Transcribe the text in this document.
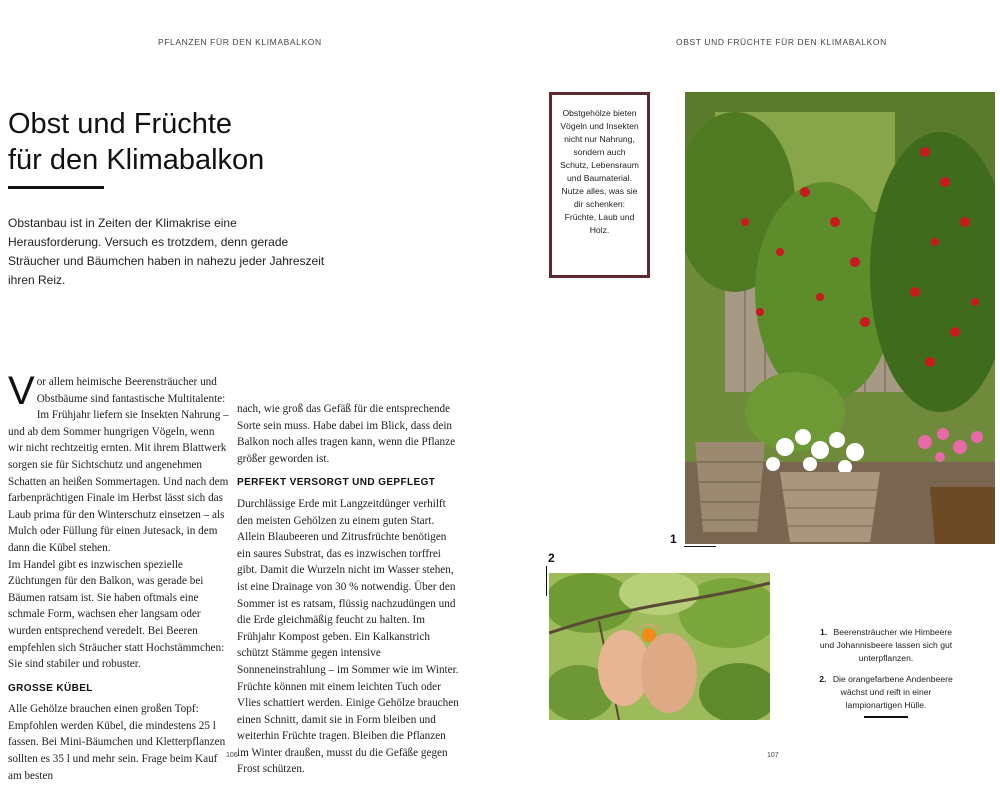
PFLANZEN FÜR DEN KLIMABALKON
Obst und Früchte
für den Klimabalkon
Obstanbau ist in Zeiten der Klimakrise eine Herausforderung. Versuch es trotzdem, denn gerade Sträucher und Bäumchen haben in nahezu jeder Jahreszeit ihren Reiz.

V or allem heimische Beerensträucher und Obstbäume sind fantastische Multitalente: Im Frühjahr liefern sie Insekten Nahrung – und ab dem Sommer hungrigen Vögeln, wenn wir nicht rechtzeitig ernten. Mit ihrem Blattwerk sorgen sie für Sichtschutz und angenehmen Schatten an heißen Sommertagen. Und nach dem farbenprächtigen Finale im Herbst lässt sich das Laub prima für den Winterschutz einsetzen – als Mulch oder Füllung für einen Jutesack, in dem dann die Kübel stehen.

Im Handel gibt es inzwischen spezielle Züchtungen für den Balkon, was gerade bei Bäumen ratsam ist. Sie haben oftmals eine schmale Form, wachsen eher langsam oder wurden entsprechend veredelt. Bei Beeren empfehlen sich Sträucher statt Hochstämmchen: Sie sind stabiler und robuster.

GROSSE KÜBEL

Alle Gehölze brauchen einen großen Topf: Empfohlen werden Kübel, die mindestens 25 l fassen. Bei Mini-Bäumchen und Kletterpflanzen sollten es 35 l und mehr sein. Frage beim Kauf am besten

nach, wie groß das Gefäß für die entsprechende Sorte sein muss. Habe dabei im Blick, dass dein Balkon noch alles tragen kann, wenn die Pflanze größer geworden ist.

PERFEKT VERSORGT UND GEPFLEGT

Durchlässige Erde mit Langzeitdünger verhilft den meisten Gehölzen zu einem guten Start. Allein Blaubeeren und Zitrusfrüchte benötigen ein saures Substrat, das es inzwischen torffrei gibt. Damit die Wurzeln nicht im Wasser stehen, ist eine Drainage von 30 % notwendig. Über den Sommer ist es ratsam, flüssig nachzudüngen und die Erde gleichmäßig feucht zu halten. Im Frühjahr Kompost geben. Ein Kalkanstrich schützt Stämme gegen intensive Sonneneinstrahlung – im Sommer wie im Winter. Früchte können mit einem leichten Tuch oder Vlies schattiert werden. Einige Gehölze brauchen einen Schnitt, damit sie in Form bleiben und weiterhin Früchte tragen. Bleiben die Pflanzen im Winter draußen, musst du die Gefäße gegen Frost schützen.

106
OBST UND FRÜCHTE FÜR DEN KLIMABALKON
Obstgehölze bieten Vögeln und Insekten nicht nur Nahrung, sondern auch Schutz, Lebensraum und Baumaterial. Nutze alles, was sie dir schenken: Früchte, Laub und Holz.
1
2
1. Beerensträucher wie Himbeere und Johannisbeere lassen sich gut unterpflanzen.
2. Die orangefarbene Andenbeere wächst und reift in einer lampionartigen Hülle.
107
